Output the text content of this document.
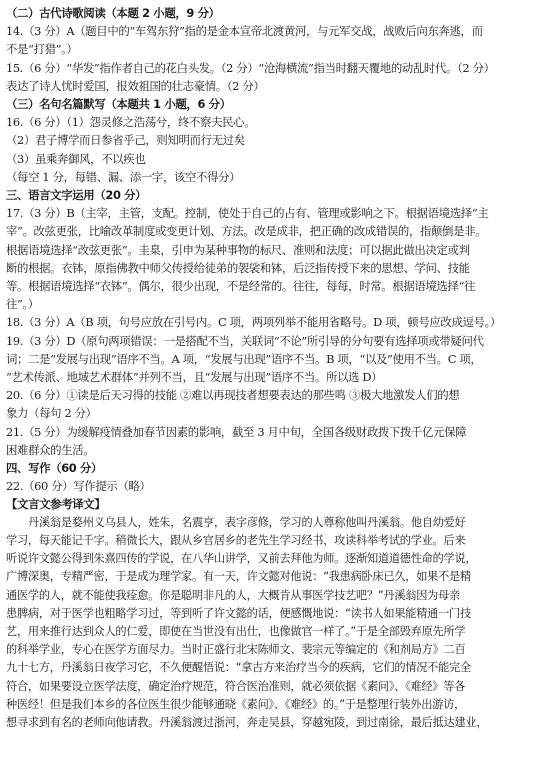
（二）古代诗歌阅读（本题 2 小题，9 分）
14.（3 分）A（题目中的“车驾东狩”指的是金本宣帝北渡黄河，与元军交战，战败后向东奔逃，而
不是“打猎”。）
15.（6 分）“华发”指作者自己的花白头发。（2 分）“沧海横流”指当时翻天覆地的动乱时代。（2 分）
表达了诗人忧时爱国，报效祖国的壮志豪情。（2 分）
（三）名句名篇默写（本题共 1 小题，6 分）
16.（6 分）（1）怨灵修之浩荡兮，终不察夫民心。
（2）君子博学而日参省乎己，则知明而行无过矣
（3）虽乘奔御风，不以疾也
（每空 1 分，每错、漏、添一字，该空不得分）
三、语言文字运用（20 分）
17.（3 分）B（主宰，主管，支配。控制，使处于自己的占有、管理或影响之下。根据语境选择“主
宰”。改弦更张，比喻改革制度或变更计划、方法。改是成非，把正确的改成错误的，指颠倒是非。
根据语境选择“改弦更张”。圭臬，引申为某种事物的标尺、准则和法度；可以据此做出决定或判
断的根据。衣钵，原指佛教中师父传授给徒弟的袈裟和钵，后泛指传授下来的思想、学问、技能
等。根据语境选择“衣钵”。偶尔，很少出现，不是经常的。往往，每每，时常。根据语境选择“往
往”。）
18.（3 分）A（B 项，句号应放在引号内。C 项，两项列举不能用省略号。D 项，顿号应改成逗号。）
19.（3 分）D（原句两项错误：一是搭配不当，关联词“不论”所引导的分句要有选择项或带疑问代
词；二是“发展与出现”语序不当。A 项，“发展与出现”语序不当。B 项，“以及”使用不当。C 项，
“艺术传派、地域艺术群体”并列不当，且“发展与出现”语序不当。所以选 D）
20.（6 分）①读是后天习得的技能 ②难以再现技者想要表达的那些鸣 ③极大地激发人们的想
象力（每句 2 分）
21.（5 分）为缓解疫情叠加春节因素的影响，截至 3 月中旬，全国各级财政拨下拨千亿元保障
困难群众的生活。
四、写作（60 分）
22.（60 分）写作提示（略）
【文言文参考译文】
丹溪翁是婺州义乌县人，姓朱，名震亨，表字彦修，学习的人尊称他叫丹溪翁。他自幼爱好
学习，每天能记千字。稍微长大，跟从乡官居乡的老先生学习经书，攻读科举考试的学业。后来
听说许文懿公得到朱熹四传的学说，在八华山讲学，又前去拜他为师。逐渐知道道德性命的学说，
广博深奥，专精严密，于是成为理学家。有一天，许文懿对他说：“我患病卧床已久，如果不是精
通医学的人，就不能使我痊愈。你是聪明非凡的人，大概肯从事医学技艺吧？”丹溪翁因为母亲
患脾病，对于医学也粗略学习过，等到听了许文懿的话，便感慨地说：“读书人如果能精通一门技
艺，用来推行达到众人的仁爱，即使在当世没有出仕，也像做官一样了。”于是全部毁弃原先所学
的科举学业，专心在医学方面尽力。当时正盛行北宋陈师文、裴宗元等编定的《和剂局方》二百
九十七方，丹溪翁日夜学习它，不久便醒悟说：“拿古方来治疗当今的疾病，它们的情况不能完全
符合，如果要设立医学法度，确定治疗规范，符合医治准则，就必须依据《素问》、《难经》等各
种医经！但是我们本乡的各位医生很少能够通晓《素问》、《难经》的。”于是整理行装外出游访，
想寻求到有名的老师向他请教。丹溪翁渡过浙河，奔走吴县，穿越宛陵，到过南徐，最后抵达建业，
